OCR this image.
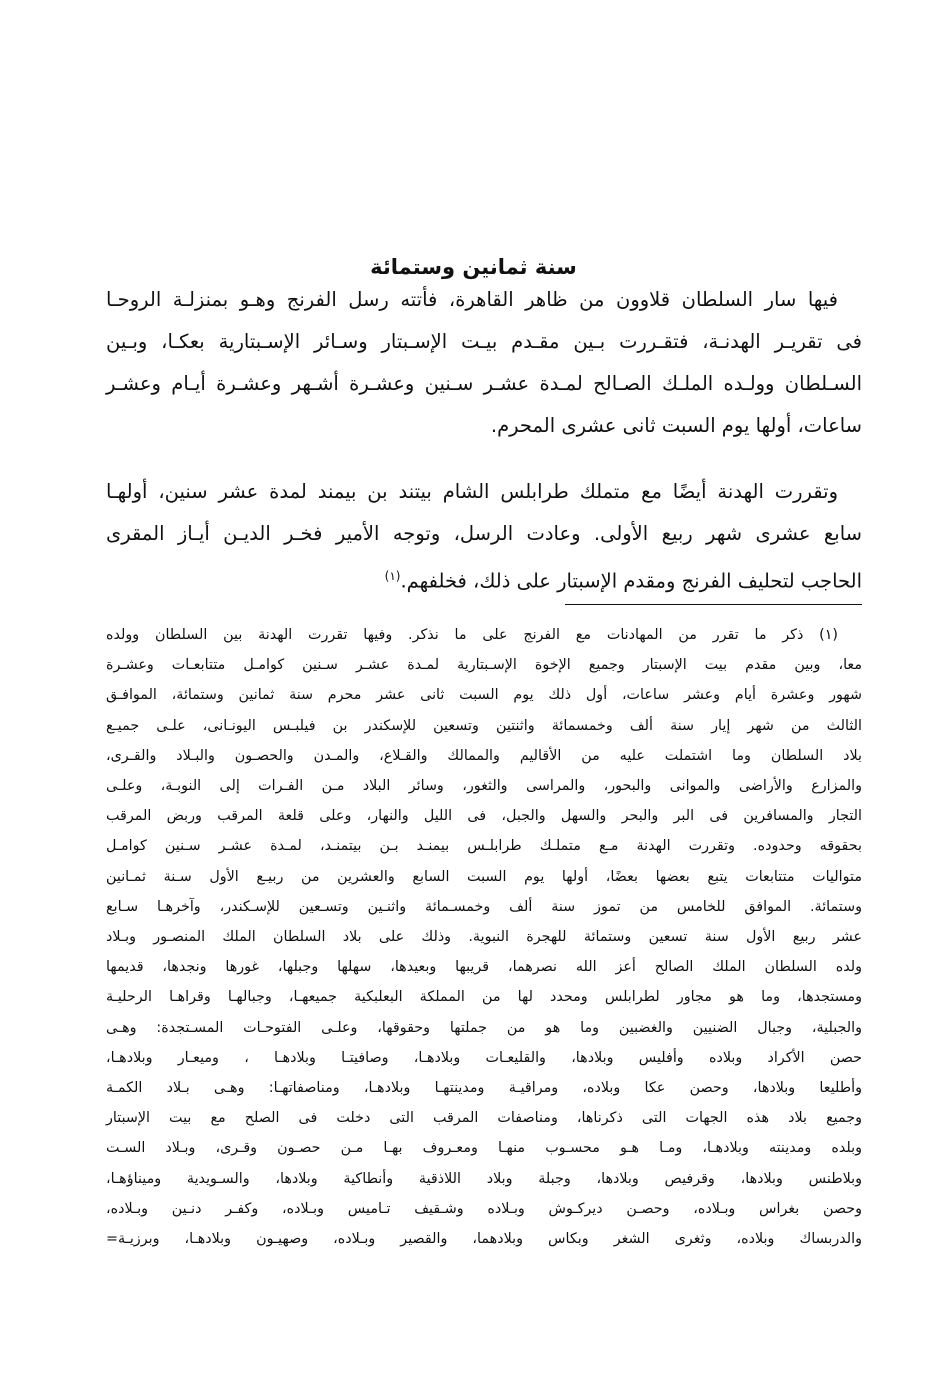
سنة ثمانين وستمائة
فيها سار السلطان قلاوون من ظاهر القاهرة، فأتته رسل الفرنج وهـو بمنزلـة الروحـا
فى تقريـر الهدنـة، فتقـررت بـين مقـدم بيـت الإسـبتار وسـائر الإسـبتارية بعكـا، وبـين
السـلطان وولـده الملـك الصـالح لمـدة عشـر سـنين وعشـرة أشـهر وعشـرة أيـام وعشـر
ساعات، أولها يوم السبت ثانى عشرى المحرم.
وتقررت الهدنة أيضًا مع متملك طرابلس الشام بيتند بن بيمند لمدة عشر سنين، أولهـا
سابع عشرى شهر ربيع الأولى. وعادت الرسل، وتوجه الأمير فخـر الديـن أيـاز المقرى
الحاجب لتحليف الفرنج ومقدم الإسبتار على ذلك، فخلفهم.$^{(١)}$
(١) ذكر ما تقرر من المهادنات مع الفرنج على ما نذكر. وفيها تقررت الهدنة بين السلطان وولده
معا، وبين مقدم بيت الإسبتار وجميع الإخوة الإسـبتارية لمـدة عشـر سـنين كوامـل متتابعـات وعشـرة
شهور وعشرة أيام وعشر ساعات، أول ذلك يوم السبت ثانى عشر محرم سنة ثمانين وستمائة، الموافـق
الثالث من شهر إيار سنة ألف وخمسمائة واثنتين وتسعين للإسكندر بن فيلبـس اليونـانى، علـى جميـع
بلاد السلطان وما اشتملت عليه من الأقاليم والممالك والقـلاع، والمـدن والحصـون والبـلاد والقـرى،
والمزارع والأراضى والموانى والبحور، والمراسى والثغور، وسائر البلاد مـن الفـرات إلى النوبـة، وعلـى
التجار والمسافرين فى البر والبحر والسهل والجبل، فى الليل والنهار، وعلى قلعة المرقب وربض المرقب
بحقوقه وحدوده. وتقررت الهدنة مـع متملـك طرابلـس بيمنـد بـن بيتمنـد، لمـدة عشـر سـنين كوامـل
متواليات متتابعات يتبع بعضها بعضًا، أولها يوم السبت السابع والعشرين من ربيـع الأول سـنة ثمـانين
وستمائة. الموافق للخامس من تموز سنة ألف وخمسـمائة واثنـين وتسـعين للإسـكندر، وآخرهـا سـابع
عشر ربيع الأول سنة تسعين وستمائة للهجرة النبوية. وذلك على بلاد السلطان الملك المنصـور وبـلاد
ولده السلطان الملك الصالح أعز الله نصرهما، قريبها وبعيدها، سهلها وجبلها، غورها ونجدها، قديمها
ومستجدها، وما هو مجاور لطرابلس ومحدد لها من المملكة البعلبكية جميعهـا، وجبالهـا وقراهـا الرحليـة
والجبلية، وجبال الضنيين والغضبين وما هو من جملتها وحقوقها، وعلـى الفتوحـات المسـتجدة: وهـى
حصن الأكراد وبلاده وأفليس وبلادها، والقليعـات وبلادهـا، وصافيتـا وبلادهـا ، وميعـار وبلادهـا،
وأطليعا وبلادها، وحصن عكا وبلاده، ومراقيـة ومدينتهـا وبلادهـا، ومناصفاتهـا: وهـى بـلاد الكمـة
وجميع بلاد هذه الجهات التى ذكرناها، ومناصفات المرقب التى دخلت فى الصلح مع بيت الإسبتار
وبلده ومدينته وبلادهـا، ومـا هـو محسـوب منهـا ومعـروف بهـا مـن حصـون وقـرى، وبـلاد السـت
وبلاطنس وبلادها، وقرفيص وبلادها، وجبلة وبلاد اللاذقية وأنطاكية وبلادها، والسـويدية وميناؤهـا،
وحصن بغراس وبـلاده، وحصـن ديركـوش وبـلاده وشـقيف تـاميس وبـلاده، وكفـر دنـين وبـلاده،
والدربساك وبلاده، وثغرى الشغر وبكاس وبلادهما، والقصير وبـلاده، وصهيـون وبلادهـا، وبرزيـة=
